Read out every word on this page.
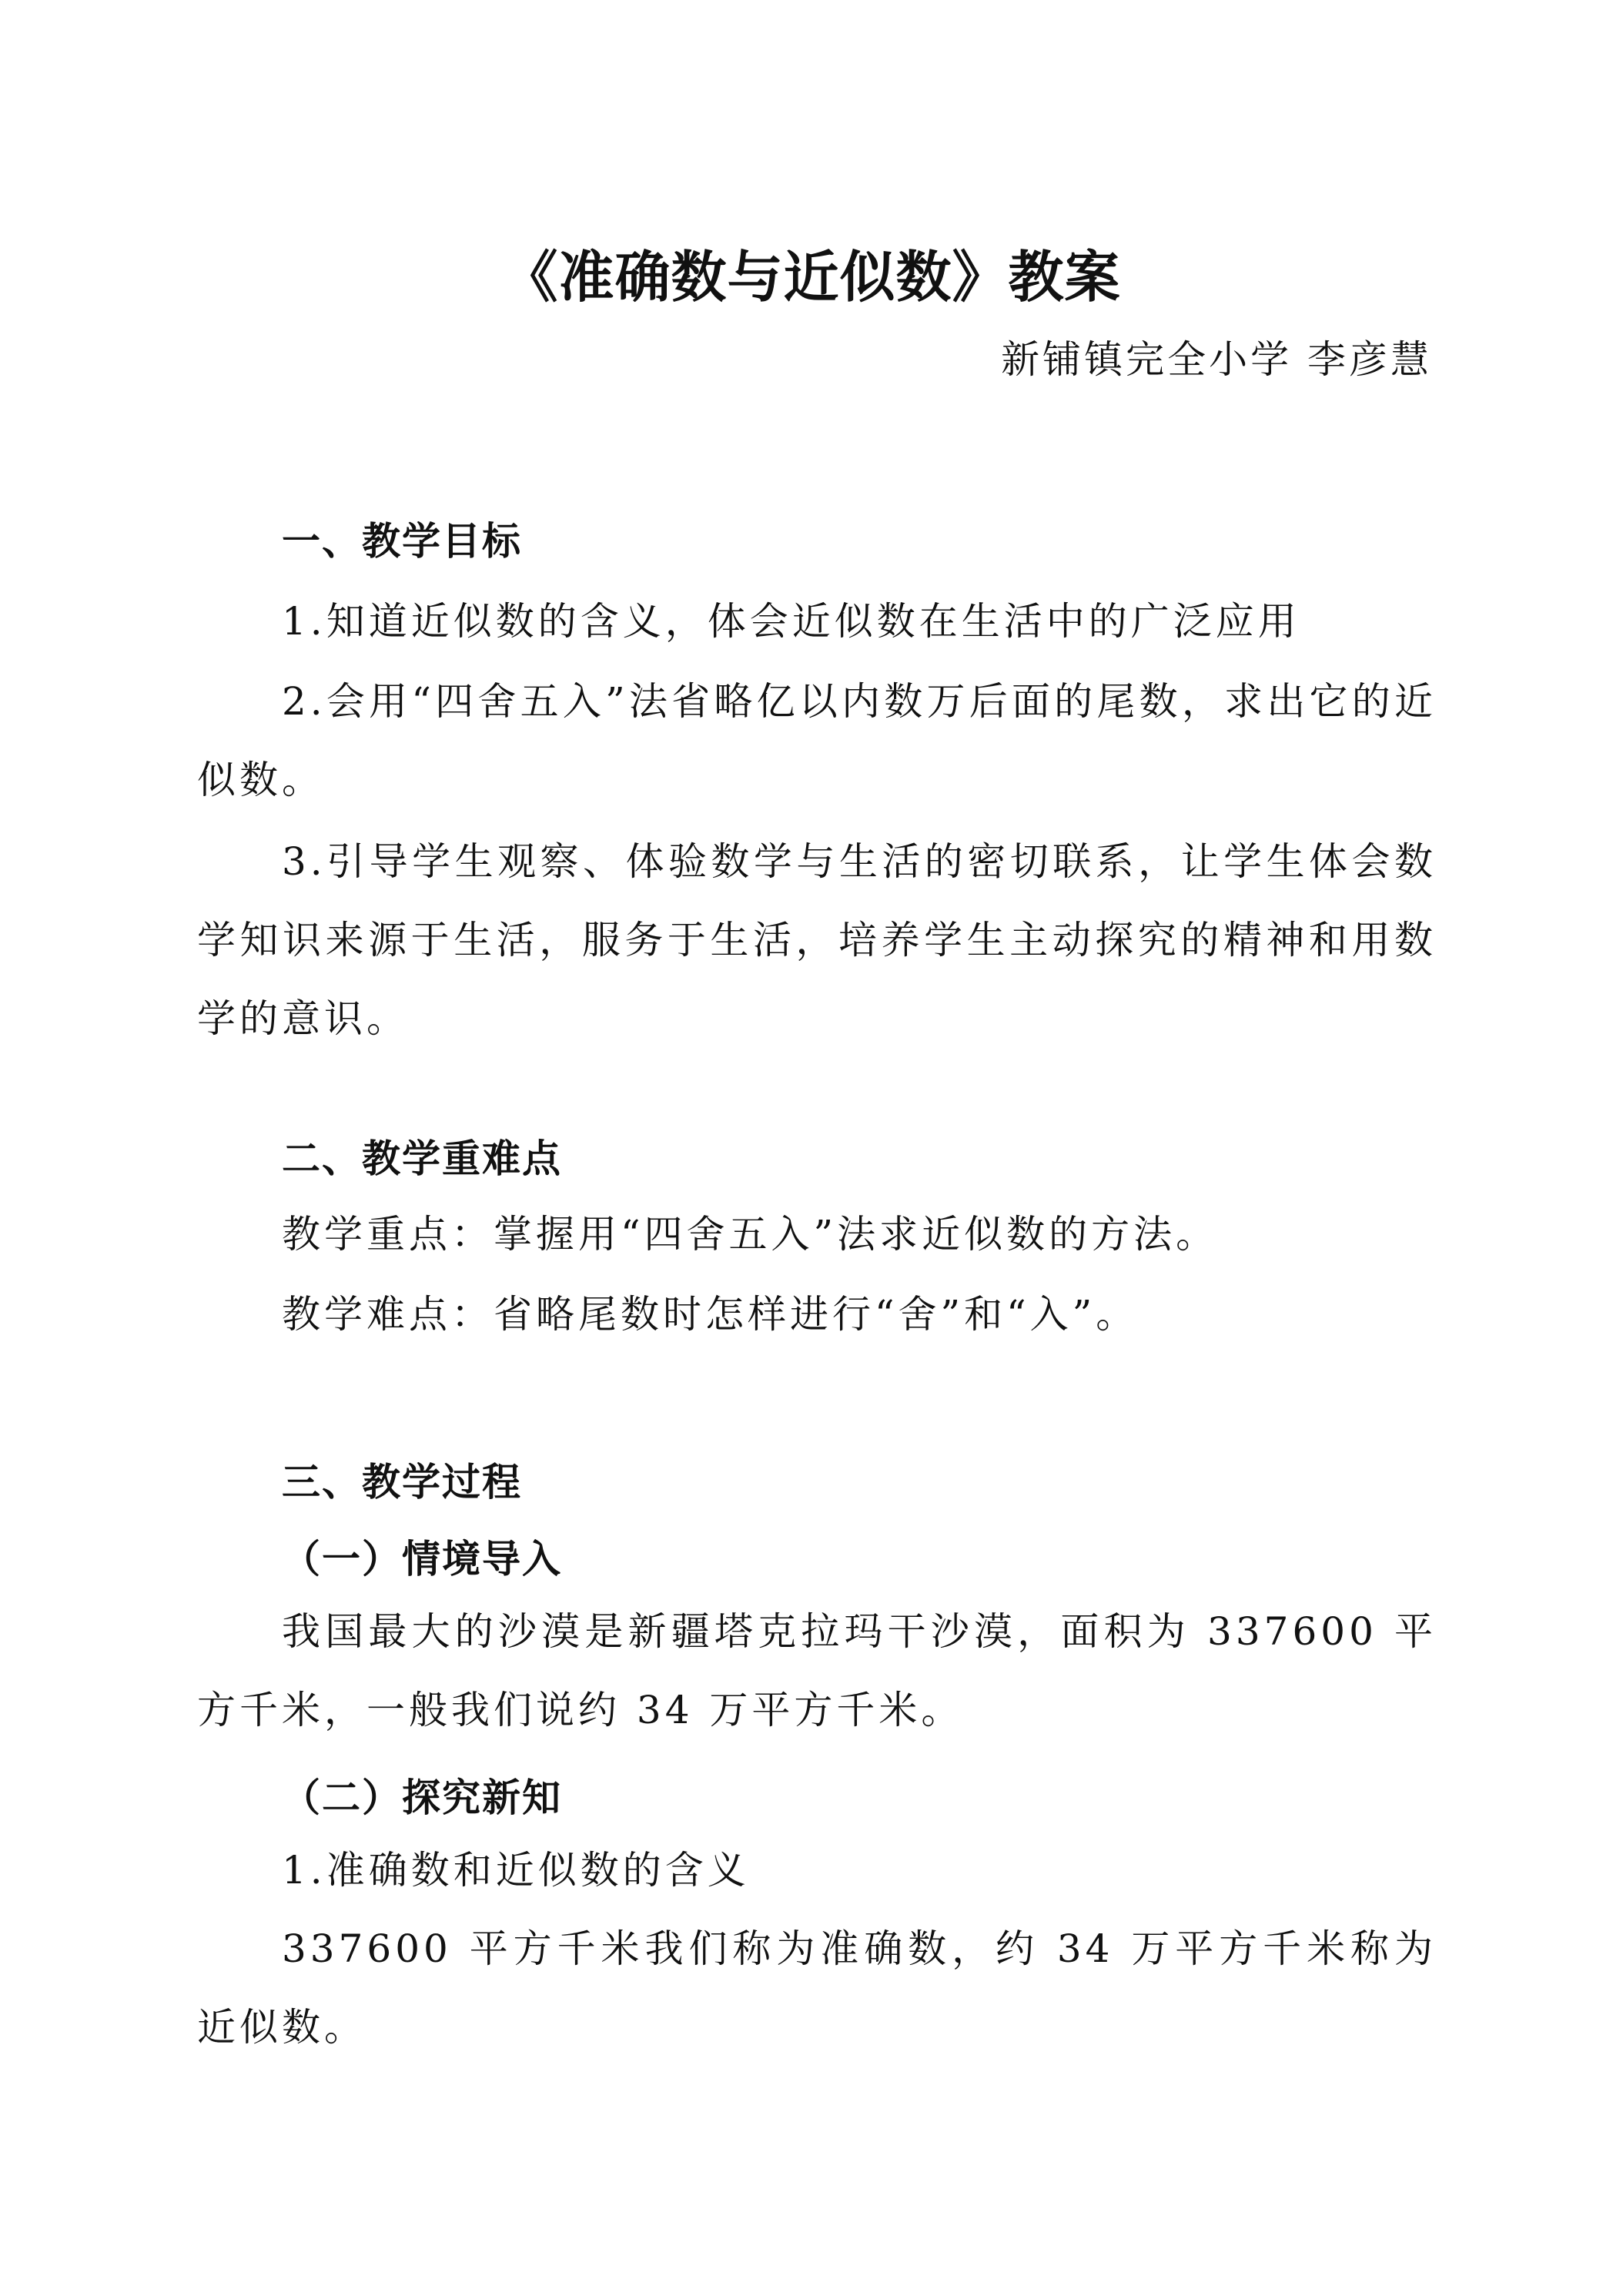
《准确数与近似数》教案

新铺镇完全小学 李彦慧

一、教学目标
1.知道近似数的含义，体会近似数在生活中的广泛应用
2.会用“四舍五入”法省略亿以内数万后面的尾数，求出它的近似数。
3.引导学生观察、体验数学与生活的密切联系，让学生体会数学知识来源于生活，服务于生活，培养学生主动探究的精神和用数学的意识。
二、教学重难点
教学重点：掌握用“四舍五入”法求近似数的方法。
教学难点：省略尾数时怎样进行“舍”和“入”。
三、教学过程
（一）情境导入
我国最大的沙漠是新疆塔克拉玛干沙漠，面积为 337600 平方千米，一般我们说约 34 万平方千米。
（二）探究新知
1.准确数和近似数的含义
337600 平方千米我们称为准确数，约 34 万平方千米称为近似数。
